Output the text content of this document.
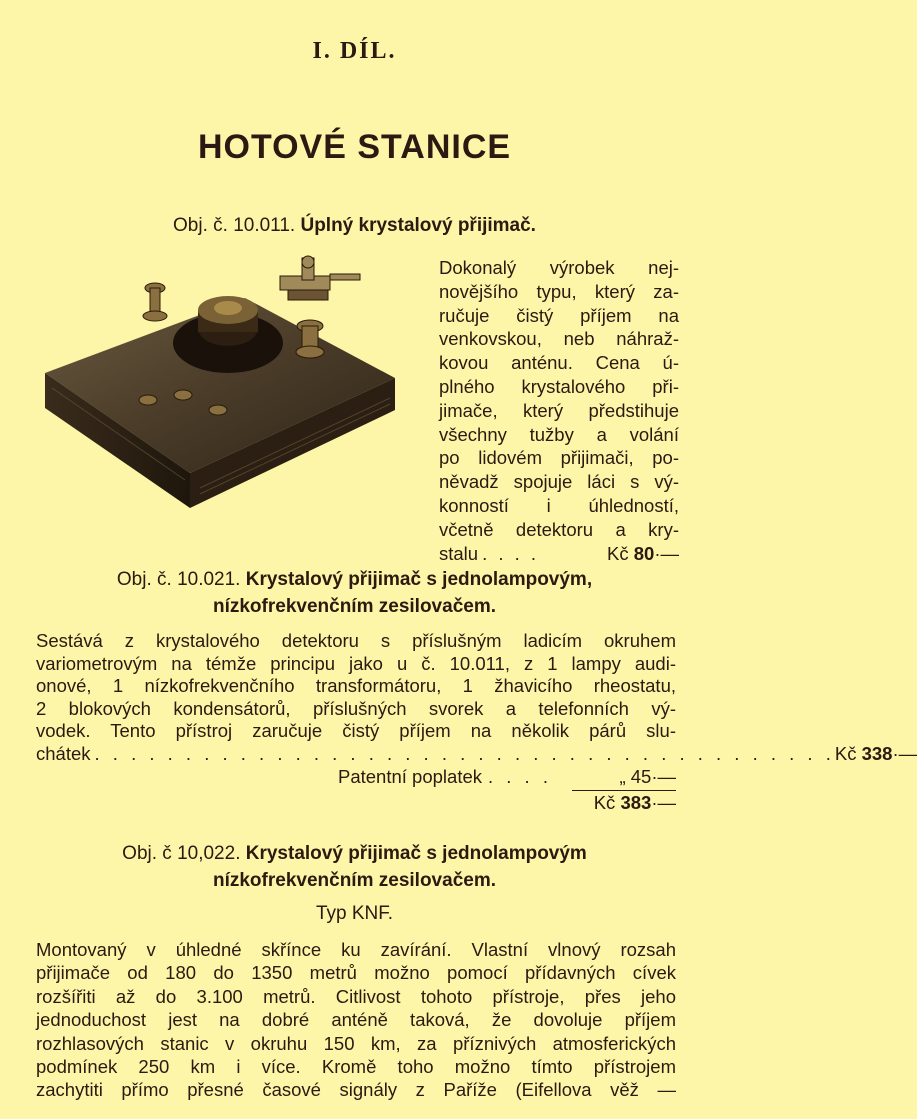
I. DÍL.
HOTOVÉ STANICE
Obj. č. 10.011. Úplný krystalový přijimač.
Dokonalý výrobek nej-
novějšího typu, který za-
ručuje čistý příjem na
venkovskou, neb náhraž-
kovou anténu. Cena ú-
plného krystalového při-
jimače, který předstihuje
všechny tužby a volání
po lidovém přijimači, po-
něvadž spojuje láci s vý-
konností i úhledností,
včetně detektoru a kry-
stalu . . . .	Kč
80 ·—
Obj. č. 10.021. Krystalový přijimač s jednolampovým,
nízkofrekvenčním zesilovačem.
Sestává z krystalového detektoru s příslušným ladicím okruhem
variometrovým na témže principu jako u č. 10.011, z 1 lampy audi-
onové, 1 nízkofrekvenčního transformátoru, 1 žhavicího rheostatu,
2 blokových kondensátorů, příslušných svorek a telefonních vý-
vodek. Tento přístroj zaručuje čistý příjem na několik párů slu-
chátek . . . . . . . . . . . . . . . . . . . . . . . . . . . . . . . . . . . . . . . . . Kč
338 ·—
Patentní poplatek . . . .	„ 45·—
Kč 383·—
Obj. č 10,022. Krystalový přijimač s jednolampovým
nízkofrekvenčním zesilovačem.
Typ KNF.
Montovaný v úhledné skřínce ku zavírání. Vlastní vlnový rozsah
přijimače od 180 do 1350 metrů možno pomocí přídavných cívek
rozšířiti až do 3.100 metrů. Citlivost tohoto přístroje, přes jeho
jednoduchost jest na dobré anténě taková, že dovoluje příjem
rozhlasových stanic v okruhu 150 km, za příznivých atmosferických
podmínek 250 km i více. Kromě toho možno tímto přístrojem
zachytiti přímo přesné časové signály z Paříže (Eifellova věž —
